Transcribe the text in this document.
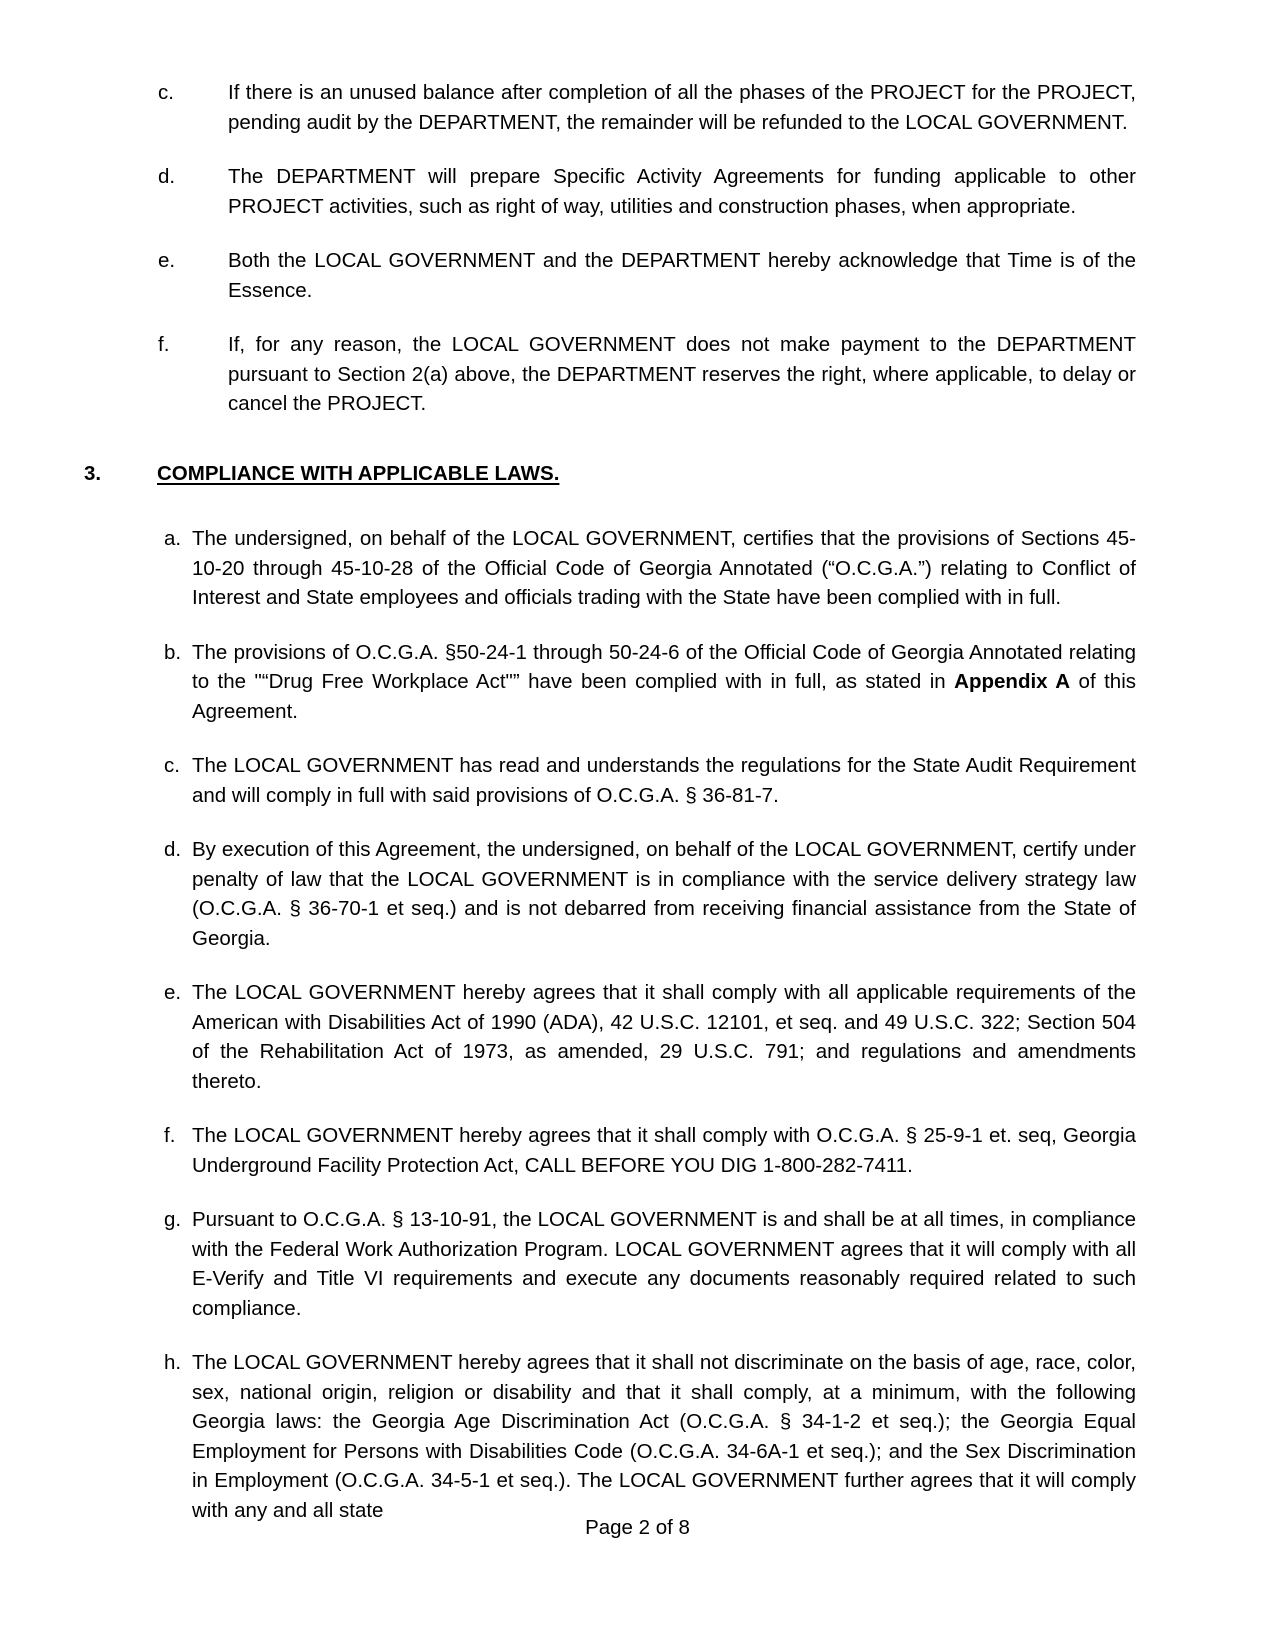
c.	If there is an unused balance after completion of all the phases of the PROJECT for the PROJECT, pending audit by the DEPARTMENT, the remainder will be refunded to the LOCAL GOVERNMENT.

d.	The DEPARTMENT will prepare Specific Activity Agreements for funding applicable to other PROJECT activities, such as right of way, utilities and construction phases, when appropriate.

e.	Both the LOCAL GOVERNMENT and the DEPARTMENT hereby acknowledge that Time is of the Essence.

f.	If, for any reason, the LOCAL GOVERNMENT does not make payment to the DEPARTMENT pursuant to Section 2(a) above, the DEPARTMENT reserves the right, where applicable, to delay or cancel the PROJECT.

3.	COMPLIANCE WITH APPLICABLE LAWS.

a. The undersigned, on behalf of the LOCAL GOVERNMENT, certifies that the provisions of Sections 45-10-20 through 45-10-28 of the Official Code of Georgia Annotated (“O.C.G.A.”) relating to Conflict of Interest and State employees and officials trading with the State have been complied with in full.

b. The provisions of O.C.G.A. §50-24-1 through 50-24-6 of the Official Code of Georgia Annotated relating to the "“Drug Free Workplace Act"” have been complied with in full, as stated in Appendix A of this Agreement.

c. The LOCAL GOVERNMENT has read and understands the regulations for the State Audit Requirement and will comply in full with said provisions of O.C.G.A. § 36-81-7.

d. By execution of this Agreement, the undersigned, on behalf of the LOCAL GOVERNMENT, certify under penalty of law that the LOCAL GOVERNMENT is in compliance with the service delivery strategy law (O.C.G.A. § 36-70-1 et seq.) and is not debarred from receiving financial assistance from the State of Georgia.

e. The LOCAL GOVERNMENT hereby agrees that it shall comply with all applicable requirements of the American with Disabilities Act of 1990 (ADA), 42 U.S.C. 12101, et seq. and 49 U.S.C. 322; Section 504 of the Rehabilitation Act of 1973, as amended, 29 U.S.C. 791; and regulations and amendments thereto.

f. The LOCAL GOVERNMENT hereby agrees that it shall comply with O.C.G.A. § 25-9-1 et. seq, Georgia Underground Facility Protection Act, CALL BEFORE YOU DIG 1-800-282-7411.

g. Pursuant to O.C.G.A. § 13-10-91, the LOCAL GOVERNMENT is and shall be at all times, in compliance with the Federal Work Authorization Program. LOCAL GOVERNMENT agrees that it will comply with all E-Verify and Title VI requirements and execute any documents reasonably required related to such compliance.

h. The LOCAL GOVERNMENT hereby agrees that it shall not discriminate on the basis of age, race, color, sex, national origin, religion or disability and that it shall comply, at a minimum, with the following Georgia laws: the Georgia Age Discrimination Act (O.C.G.A. § 34-1-2 et seq.); the Georgia Equal Employment for Persons with Disabilities Code (O.C.G.A. 34-6A-1 et seq.); and the Sex Discrimination in Employment (O.C.G.A. 34-5-1 et seq.). The LOCAL GOVERNMENT further agrees that it will comply with any and all state

Page 2 of 8
